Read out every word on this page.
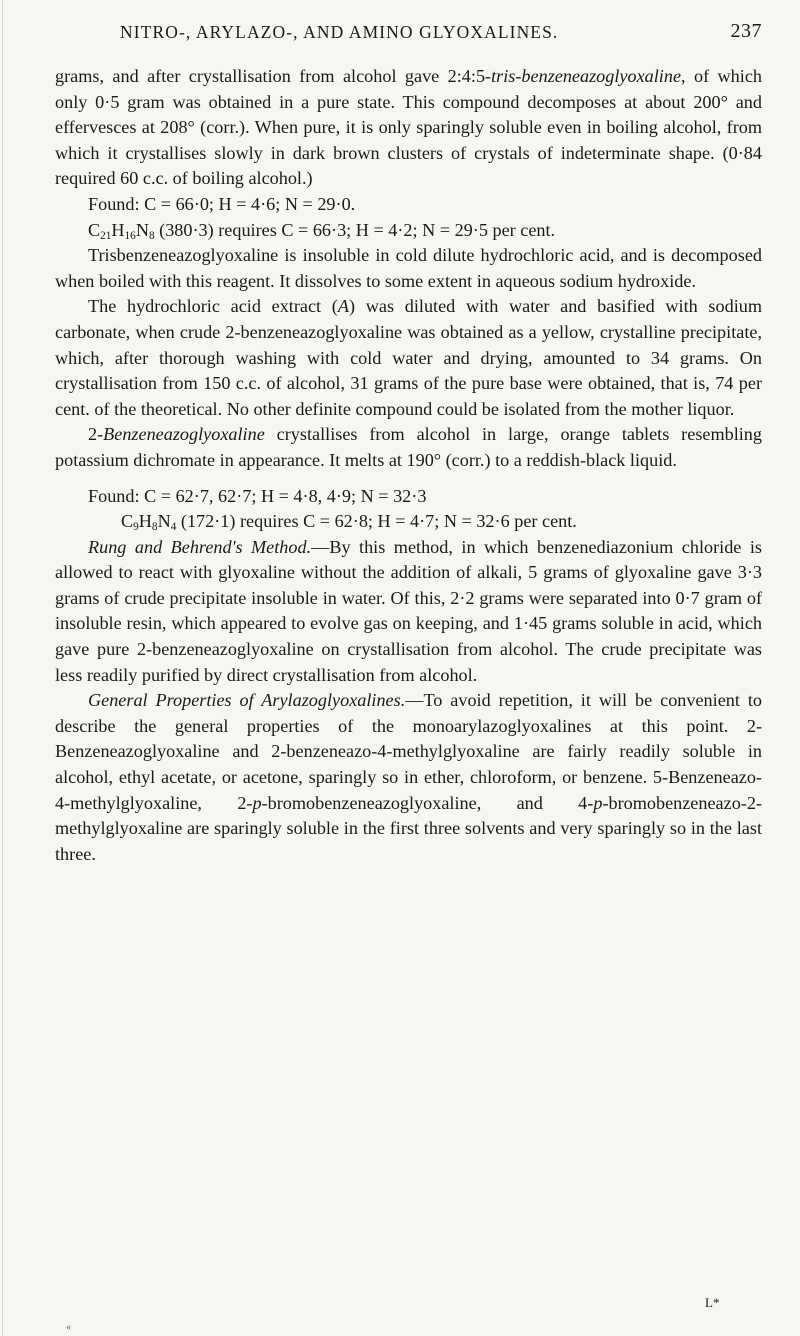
NITRO-, ARYLAZO-, AND AMINO GLYOXALINES.	237

grams, and after crystallisation from alcohol gave 2:4:5-tris-benzeneazoglyoxaline, of which only 0·5 gram was obtained in a pure state. This compound decomposes at about 200° and effervesces at 208° (corr.). When pure, it is only sparingly soluble even in boiling alcohol, from which it crystallises slowly in dark brown clusters of crystals of indeterminate shape. (0·84 required 60 c.c. of boiling alcohol.)

Found: C = 66·0; H = 4·6; N = 29·0.

$C_{21}H_{16}N_8$ (380·3) requires C = 66·3; H = 4·2; N = 29·5 per cent.

Trisbenzeneazoglyoxaline is insoluble in cold dilute hydrochloric acid, and is decomposed when boiled with this reagent. It dissolves to some extent in aqueous sodium hydroxide.

The hydrochloric acid extract (A) was diluted with water and basified with sodium carbonate, when crude 2-benzeneazoglyoxaline was obtained as a yellow, crystalline precipitate, which, after thorough washing with cold water and drying, amounted to 34 grams. On crystallisation from 150 c.c. of alcohol, 31 grams of the pure base were obtained, that is, 74 per cent. of the theoretical. No other definite compound could be isolated from the mother liquor.

2-Benzeneazoglyoxaline crystallises from alcohol in large, orange tablets resembling potassium dichromate in appearance. It melts at 190° (corr.) to a reddish-black liquid.

Found: C = 62·7, 62·7; H = 4·8, 4·9; N = 32·3

$C_9H_8N_4$ (172·1) requires C = 62·8; H = 4·7; N = 32·6 per cent.

Rung and Behrend's Method.—By this method, in which benzenediazonium chloride is allowed to react with glyoxaline without the addition of alkali, 5 grams of glyoxaline gave 3·3 grams of crude precipitate insoluble in water. Of this, 2·2 grams were separated into 0·7 gram of insoluble resin, which appeared to evolve gas on keeping, and 1·45 grams soluble in acid, which gave pure 2-benzeneazoglyoxaline on crystallisation from alcohol. The crude precipitate was less readily purified by direct crystallisation from alcohol.

General Properties of Arylazoglyoxalines.—To avoid repetition, it will be convenient to describe the general properties of the monoarylazoglyoxalines at this point. 2-Benzeneazoglyoxaline and 2-benzeneazo-4-methylglyoxaline are fairly readily soluble in alcohol, ethyl acetate, or acetone, sparingly so in ether, chloroform, or benzene. 5-Benzeneazo-4-methylglyoxaline, 2-p-bromobenzeneazoglyoxaline, and 4-p-bromobenzeneazo-2-methylglyoxaline are sparingly soluble in the first three solvents and very sparingly so in the last three.

L*
«
